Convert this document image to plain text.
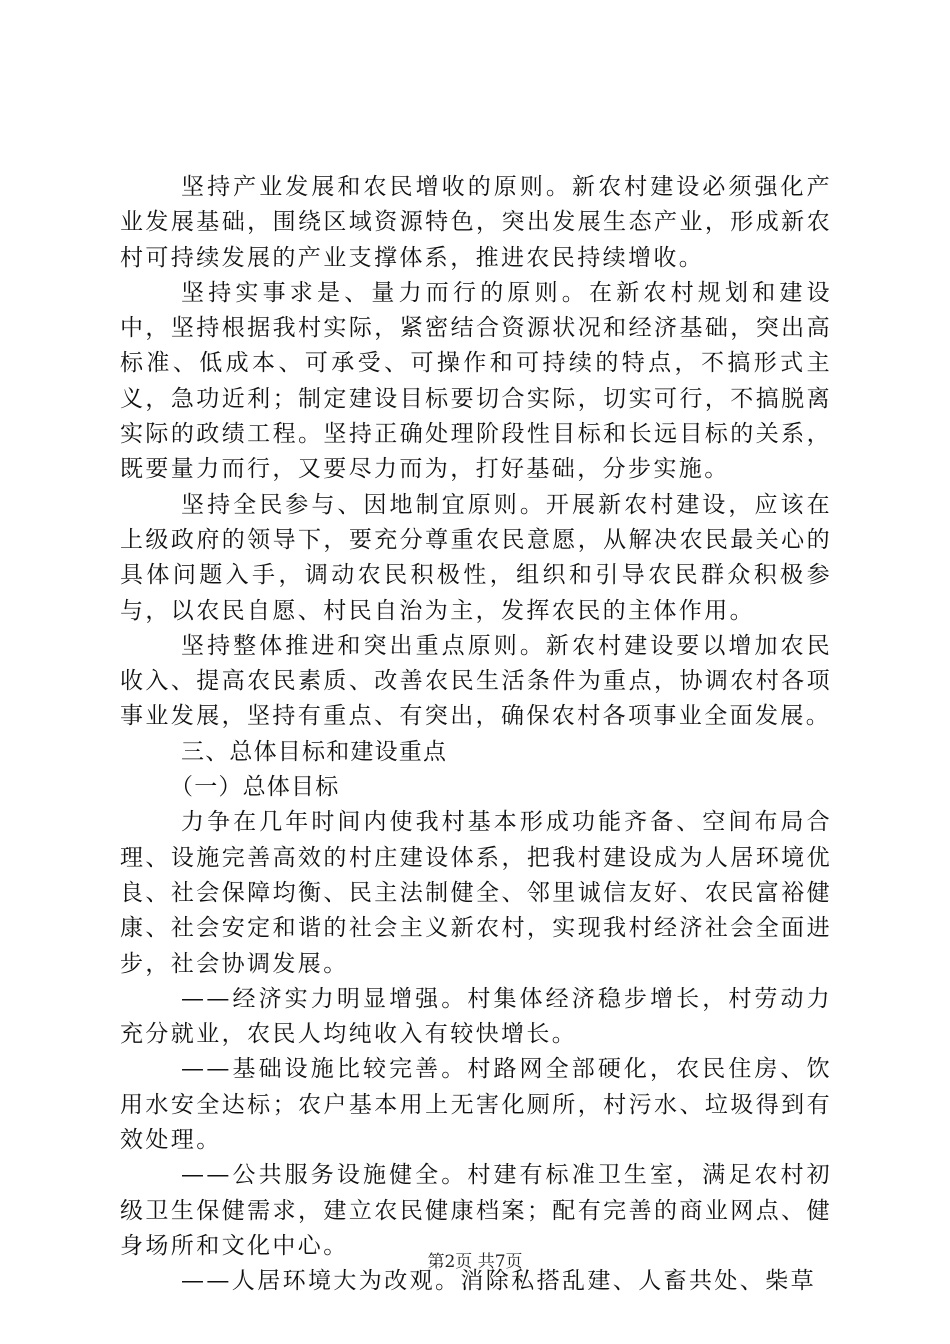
坚持产业发展和农民增收的原则。新农村建设必须强化产业发展基础，围绕区域资源特色，突出发展生态产业，形成新农村可持续发展的产业支撑体系，推进农民持续增收。

坚持实事求是、量力而行的原则。在新农村规划和建设中，坚持根据我村实际，紧密结合资源状况和经济基础，突出高标准、低成本、可承受、可操作和可持续的特点，不搞形式主义，急功近利；制定建设目标要切合实际，切实可行，不搞脱离实际的政绩工程。坚持正确处理阶段性目标和长远目标的关系，既要量力而行，又要尽力而为，打好基础，分步实施。

坚持全民参与、因地制宜原则。开展新农村建设，应该在上级政府的领导下，要充分尊重农民意愿，从解决农民最关心的具体问题入手，调动农民积极性，组织和引导农民群众积极参与，以农民自愿、村民自治为主，发挥农民的主体作用。

坚持整体推进和突出重点原则。新农村建设要以增加农民收入、提高农民素质、改善农民生活条件为重点，协调农村各项事业发展，坚持有重点、有突出，确保农村各项事业全面发展。

三、总体目标和建设重点

（一）总体目标

力争在几年时间内使我村基本形成功能齐备、空间布局合理、设施完善高效的村庄建设体系，把我村建设成为人居环境优良、社会保障均衡、民主法制健全、邻里诚信友好、农民富裕健康、社会安定和谐的社会主义新农村，实现我村经济社会全面进步，社会协调发展。

——经济实力明显增强。村集体经济稳步增长，村劳动力充分就业，农民人均纯收入有较快增长。

——基础设施比较完善。村路网全部硬化，农民住房、饮用水安全达标；农户基本用上无害化厕所，村污水、垃圾得到有效处理。

——公共服务设施健全。村建有标准卫生室，满足农村初级卫生保健需求，建立农民健康档案；配有完善的商业网点、健身场所和文化中心。

——人居环境大为改观。消除私搭乱建、人畜共处、柴草

第2页 共7页
